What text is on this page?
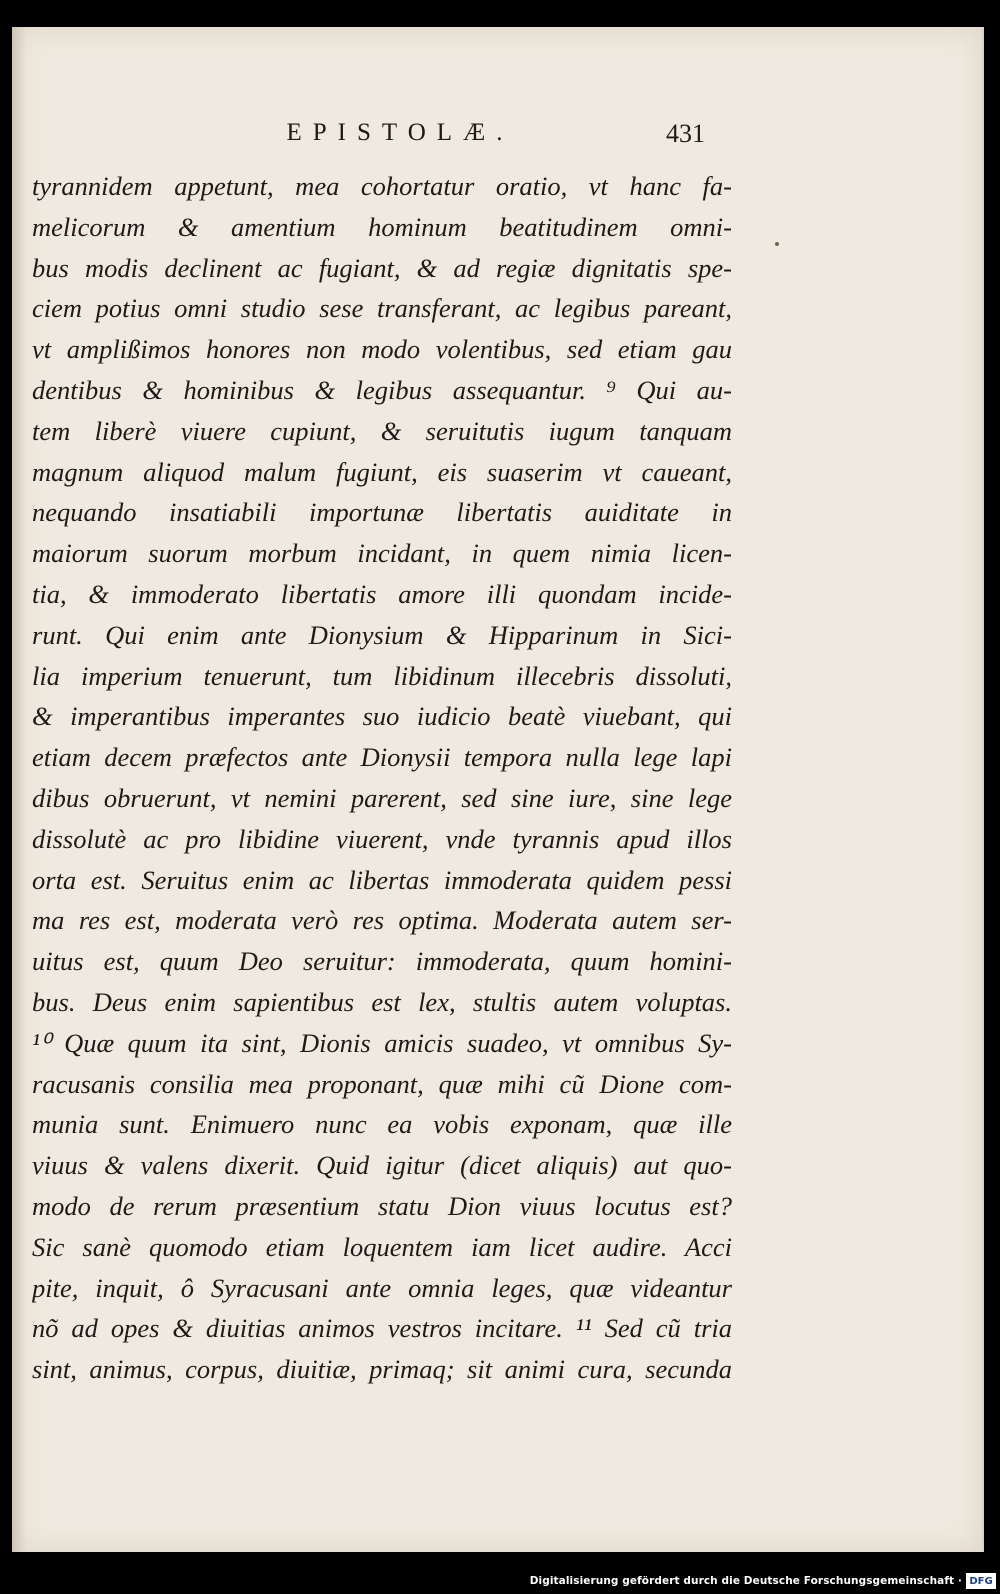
EPISTOLÆ.	431
tyrannidem appetunt, mea cohortatur oratio, vt hanc fa-
melicorum & amentium hominum beatitudinem omni-
bus modis declinent ac fugiant, & ad regiæ dignitatis spe-
ciem potius omni studio sese transferant, ac legibus pareant,
vt amplißimos honores non modo volentibus, sed etiam gau
dentibus & hominibus & legibus assequantur. ⁹ Qui au-
tem liberè viuere cupiunt, & seruitutis iugum tanquam
magnum aliquod malum fugiunt, eis suaserim vt caueant,
nequando insatiabili importunæ libertatis auiditate in
maiorum suorum morbum incidant, in quem nimia licen-
tia, & immoderato libertatis amore illi quondam incide-
runt. Qui enim ante Dionysium & Hipparinum in Sici-
lia imperium tenuerunt, tum libidinum illecebris dissoluti,
& imperantibus imperantes suo iudicio beatè viuebant, qui
etiam decem præfectos ante Dionysii tempora nulla lege lapi
dibus obruerunt, vt nemini parerent, sed sine iure, sine lege
dissolutè ac pro libidine viuerent, vnde tyrannis apud illos
orta est. Seruitus enim ac libertas immoderata quidem pessi
ma res est, moderata verò res optima. Moderata autem ser-
uitus est, quum Deo seruitur: immoderata, quum homini-
bus. Deus enim sapientibus est lex, stultis autem voluptas.
¹⁰ Quæ quum ita sint, Dionis amicis suadeo, vt omnibus Sy-
racusanis consilia mea proponant, quæ mihi cũ Dione com-
munia sunt. Enimuero nunc ea vobis exponam, quæ ille
viuus & valens dixerit. Quid igitur (dicet aliquis) aut quo-
modo de rerum præsentium statu Dion viuus locutus est?
Sic sanè quomodo etiam loquentem iam licet audire. Acci
pite, inquit, ô Syracusani ante omnia leges, quæ videantur
nõ ad opes & diuitias animos vestros incitare. ¹¹ Sed cũ tria
sint, animus, corpus, diuitiæ, primaq; sit animi cura, secunda
Digitalisierung gefördert durch die Deutsche Forschungsgemeinschaft · DFG
